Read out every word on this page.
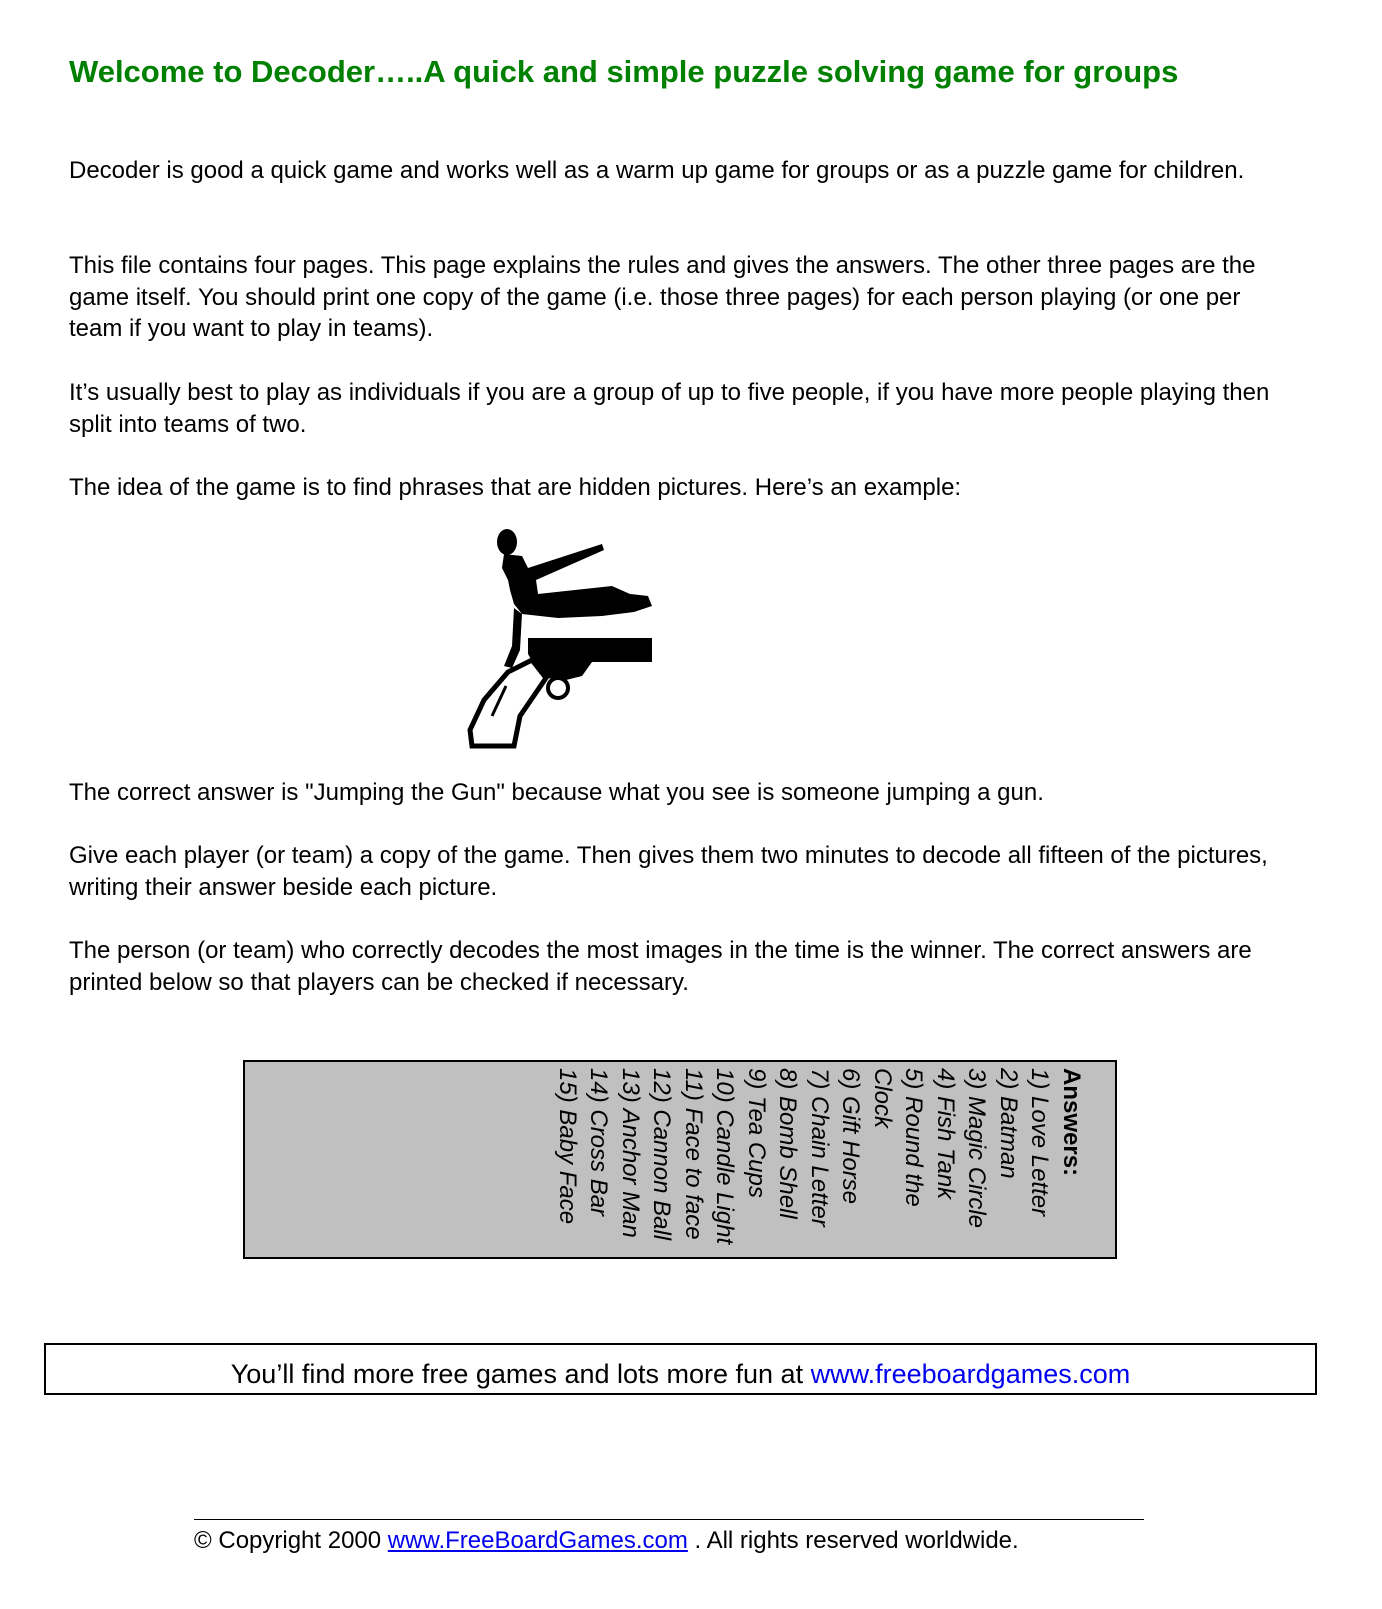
Welcome to Decoder…..A quick and simple puzzle solving game for groups

Decoder is good a quick game and works well as a warm up game for groups or as a puzzle game for children.

This file contains four pages. This page explains the rules and gives the answers. The other three pages are the game itself. You should print one copy of the game (i.e. those three pages) for each person playing (or one per team if you want to play in teams).

It’s usually best to play as individuals if you are a group of up to five people, if you have more people playing then split into teams of two.

The idea of the game is to find phrases that are hidden pictures. Here’s an example:

The correct answer is "Jumping the Gun" because what you see is someone jumping a gun.

Give each player (or team) a copy of the game. Then gives them two minutes to decode all fifteen of the pictures, writing their answer beside each picture.

The person (or team) who correctly decodes the most images in the time is the winner. The correct answers are printed below so that players can be checked if necessary.

Answers:
1) Love Letter
2) Batman
3) Magic Circle
4) Fish Tank
5) Round the Clock
6) Gift Horse
7) Chain Letter
8) Bomb Shell
9) Tea Cups
10) Candle Light
11) Face to face
12) Cannon Ball
13) Anchor Man
14) Cross Bar
15) Baby Face
You’ll find more free games and lots more fun at www.freeboardgames.com

© Copyright 2000 www.FreeBoardGames.com . All rights reserved worldwide.
